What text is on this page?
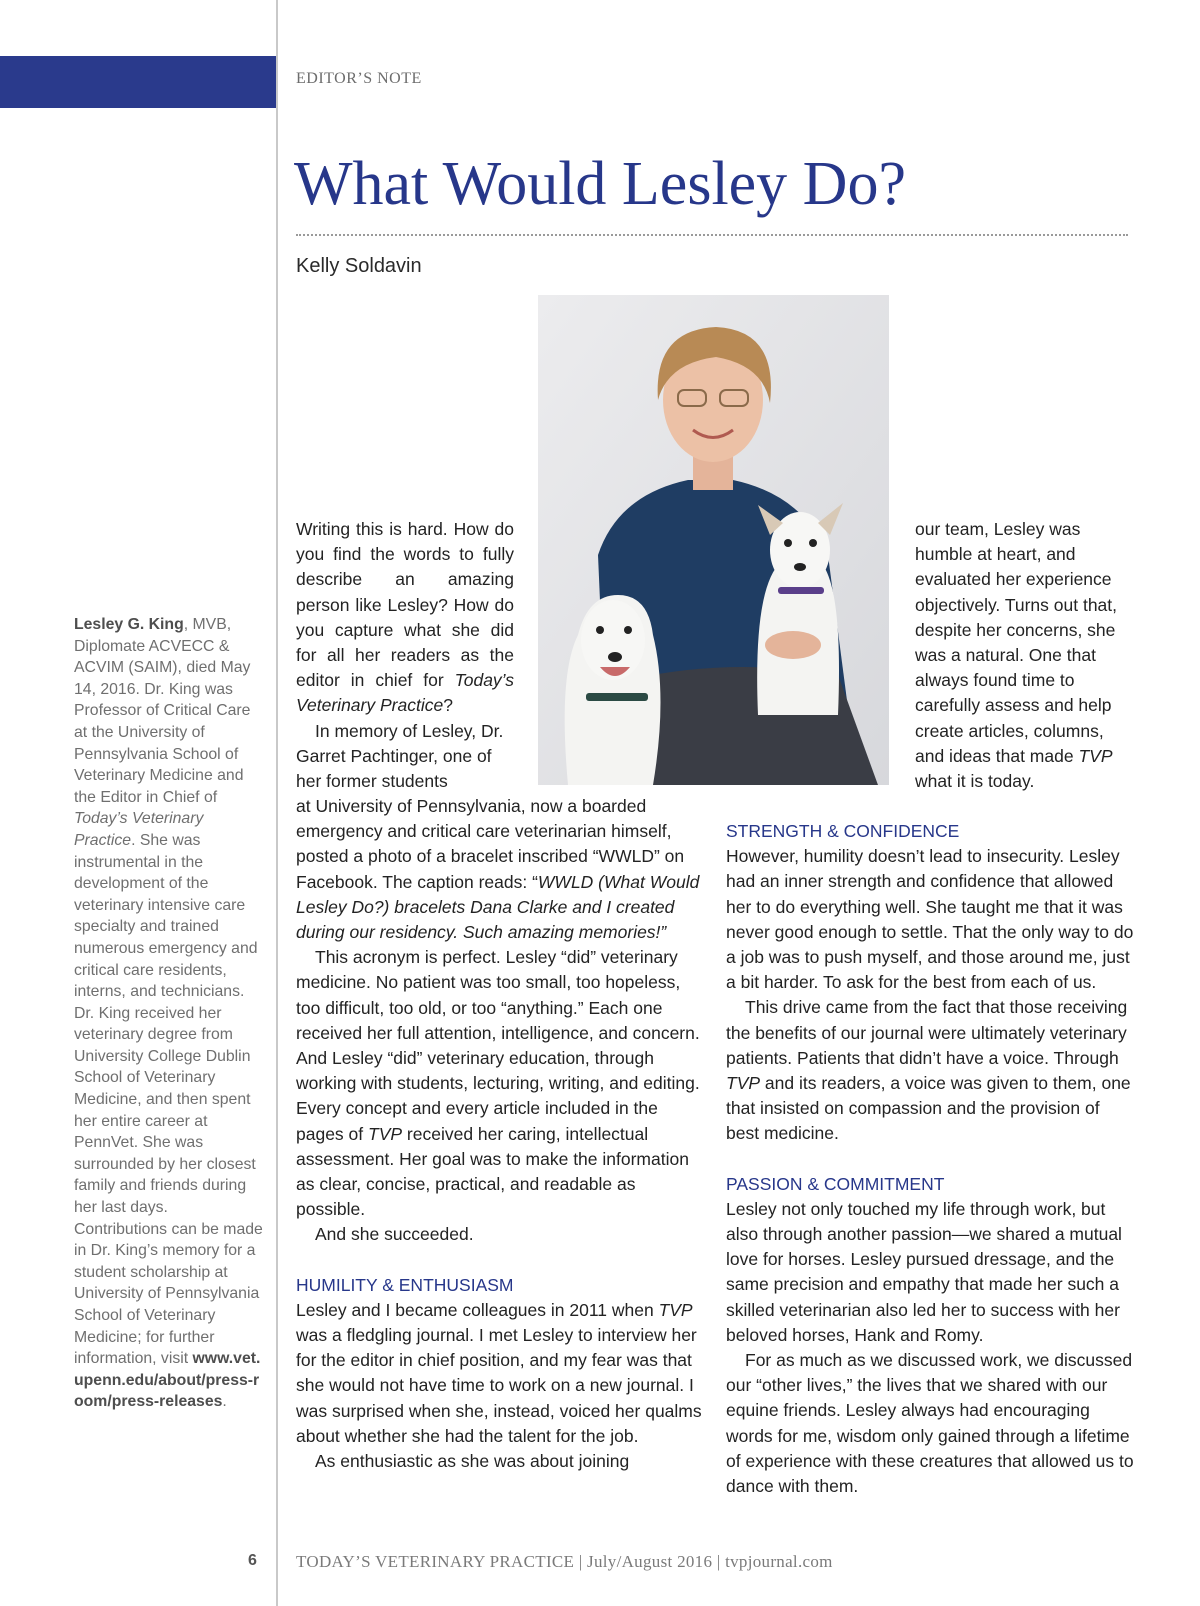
EDITOR’S NOTE
What Would Lesley Do?
Kelly Soldavin
Lesley G. King, MVB, Diplomate ACVECC & ACVIM (SAIM), died May 14, 2016. Dr. King was Professor of Critical Care at the University of Pennsylvania School of Veterinary Medicine and the Editor in Chief of Today’s Veterinary Practice. She was instrumental in the development of the veterinary intensive care specialty and trained numerous emergency and critical care residents, interns, and technicians. Dr. King received her veterinary degree from University College Dublin School of Veterinary Medicine, and then spent her entire career at PennVet. She was surrounded by her closest family and friends during her last days. Contributions can be made in Dr. King’s memory for a student scholarship at University of Pennsylvania School of Veterinary Medicine; for further information, visit www.vet.upenn.edu/about/press-room/press-releases.

Writing this is hard. How do you find the words to fully describe an amazing person like Lesley? How do you capture what she did for all her readers as the editor in chief for Today’s Veterinary Practice?

In memory of Lesley, Dr. Garret Pachtinger, one of her former students

at University of Pennsylvania, now a boarded emergency and critical care veterinarian himself, posted a photo of a bracelet inscribed “WWLD” on Facebook. The caption reads: “WWLD (What Would Lesley Do?) bracelets Dana Clarke and I created during our residency. Such amazing memories!”

This acronym is perfect. Lesley “did” veterinary medicine. No patient was too small, too hopeless, too difficult, too old, or too “anything.” Each one received her full attention, intelligence, and concern. And Lesley “did” veterinary education, through working with students, lecturing, writing, and editing. Every concept and every article included in the pages of TVP received her caring, intellectual assessment. Her goal was to make the information as clear, concise, practical, and readable as possible.

And she succeeded.

HUMILITY & ENTHUSIASM

Lesley and I became colleagues in 2011 when TVP was a fledgling journal. I met Lesley to interview her for the editor in chief position, and my fear was that she would not have time to work on a new journal. I was surprised when she, instead, voiced her qualms about whether she had the talent for the job.

As enthusiastic as she was about joining

our team, Lesley was humble at heart, and evaluated her experience objectively. Turns out that, despite her concerns, she was a natural. One that always found time to carefully assess and help create articles, columns, and ideas that made TVP what it is today.

STRENGTH & CONFIDENCE

However, humility doesn’t lead to insecurity. Lesley had an inner strength and confidence that allowed her to do everything well. She taught me that it was never good enough to settle. That the only way to do a job was to push myself, and those around me, just a bit harder. To ask for the best from each of us.

This drive came from the fact that those receiving the benefits of our journal were ultimately veterinary patients. Patients that didn’t have a voice. Through TVP and its readers, a voice was given to them, one that insisted on compassion and the provision of best medicine.

PASSION & COMMITMENT

Lesley not only touched my life through work, but also through another passion—we shared a mutual love for horses. Lesley pursued dressage, and the same precision and empathy that made her such a skilled veterinarian also led her to success with her beloved horses, Hank and Romy.

For as much as we discussed work, we discussed our “other lives,” the lives that we shared with our equine friends. Lesley always had encouraging words for me, wisdom only gained through a lifetime of experience with these creatures that allowed us to dance with them.

6 TODAY’S VETERINARY PRACTICE | July/August 2016 | tvpjournal.com
